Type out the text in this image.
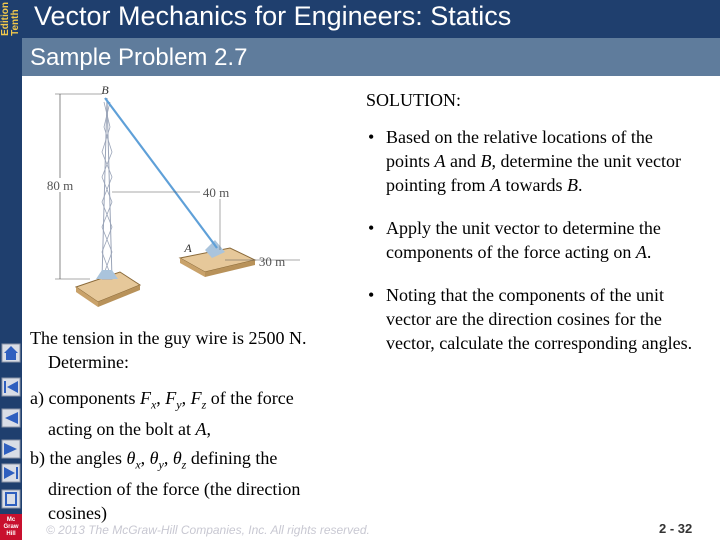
Edition Tenth
Mc
Graw
Hill
Vector Mechanics for Engineers: Statics
Sample Problem 2.7
80 m	40 m
30 m
B
A
SOLUTION:
• Based on the relative locations of the
points A and B, determine the unit vector
pointing from A towards B.
• Apply the unit vector to determine the
components of the force acting on A.
• Noting that the components of the unit vector are the direction cosines for the vector, calculate the corresponding angles.
The tension in the guy wire is 2500 N.
Determine:
a) components $F_x$, $F_y$, $F_z$ of the force
acting on the bolt at A,
b) the angles $\theta_x$, $\theta_y$, $\theta_z$ defining the
direction of the force (the direction
cosines)
© 2013 The McGraw-Hill Companies, Inc. All rights reserved.	2 - 32
